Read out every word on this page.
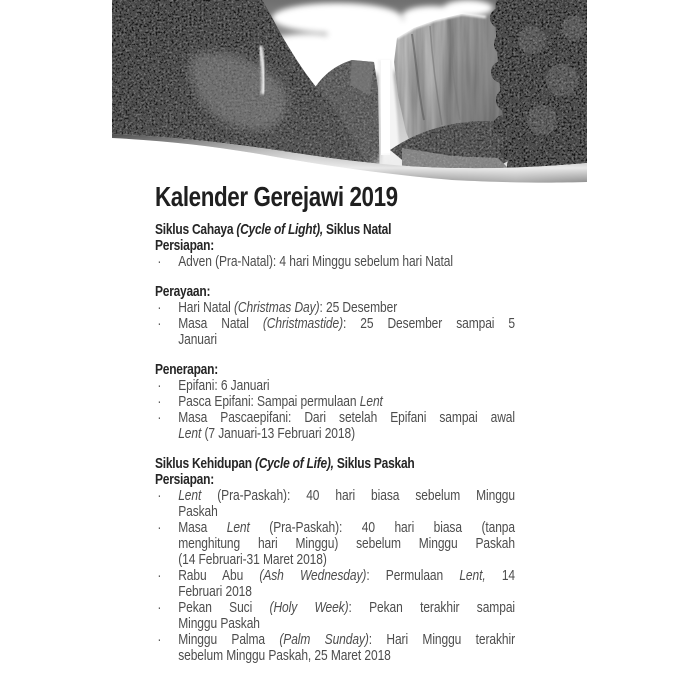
Kalender Gerejawi 2019
Siklus Cahaya (Cycle of Light), Siklus Natal
Persiapan:
· Adven (Pra-Natal): 4 hari Minggu sebelum hari Natal
Perayaan:
· Hari Natal (Christmas Day): 25 Desember
· Masa Natal (Christmastide): 25 Desember sampai 5
Januari
Penerapan:
· Epifani: 6 Januari
· Pasca Epifani: Sampai permulaan Lent
· Masa Pascaepifani: Dari setelah Epifani sampai awal
Lent (7 Januari-13 Februari 2018)
Siklus Kehidupan (Cycle of Life), Siklus Paskah
Persiapan:
· Lent (Pra-Paskah): 40 hari biasa sebelum Minggu
Paskah
· Masa Lent (Pra-Paskah): 40 hari biasa (tanpa
menghitung hari Minggu) sebelum Minggu Paskah
(14 Februari-31 Maret 2018)
· Rabu Abu (Ash Wednesday): Permulaan Lent, 14
Februari 2018
· Pekan Suci (Holy Week): Pekan terakhir sampai
Minggu Paskah
· Minggu Palma (Palm Sunday): Hari Minggu terakhir
sebelum Minggu Paskah, 25 Maret 2018
